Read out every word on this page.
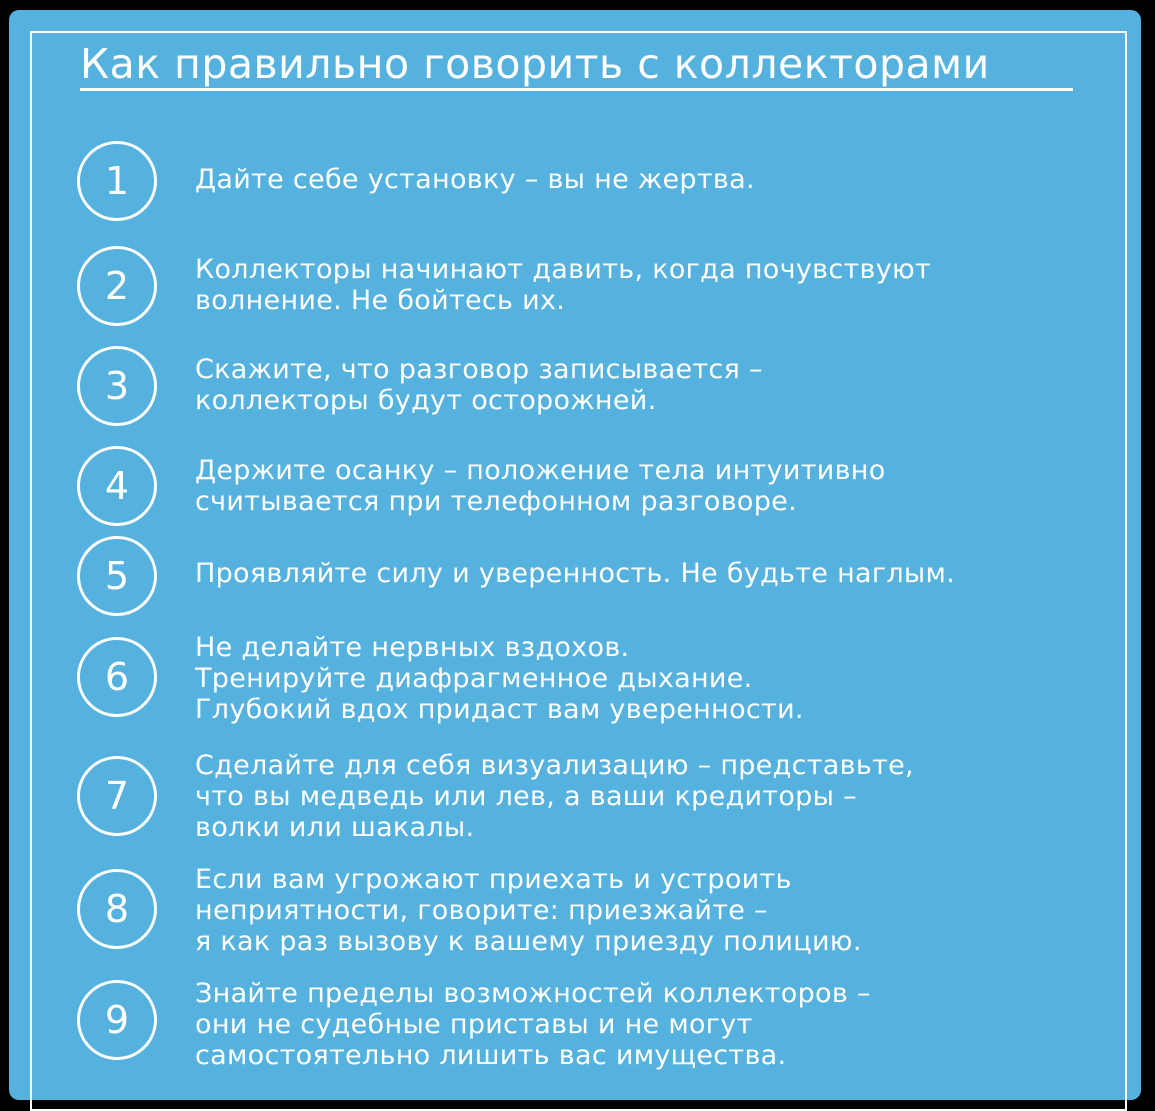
Как правильно говорить с коллекторами
1	Дайте себе установку – вы не жертва.

2	Коллекторы начинают давить, когда почувствуют
волнение. Не бойтесь их.

3	Скажите, что разговор записывается –
коллекторы будут осторожней.

4	Держите осанку – положение тела интуитивно
считывается при телефонном разговоре.

5	Проявляйте силу и уверенность. Не будьте наглым.

6

Не делайте нервных вздохов.
Тренируйте диафрагменное дыхание.
Глубокий вдох придаст вам уверенности.

7

Сделайте для себя визуализацию – представьте,
что вы медведь или лев, а ваши кредиторы –
волки или шакалы.

8

Если вам угрожают приехать и устроить
неприятности, говорите: приезжайте –
я как раз вызову к вашему приезду полицию.

9

Знайте пределы возможностей коллекторов –
они не судебные приставы и не могут
самостоятельно лишить вас имущества.
